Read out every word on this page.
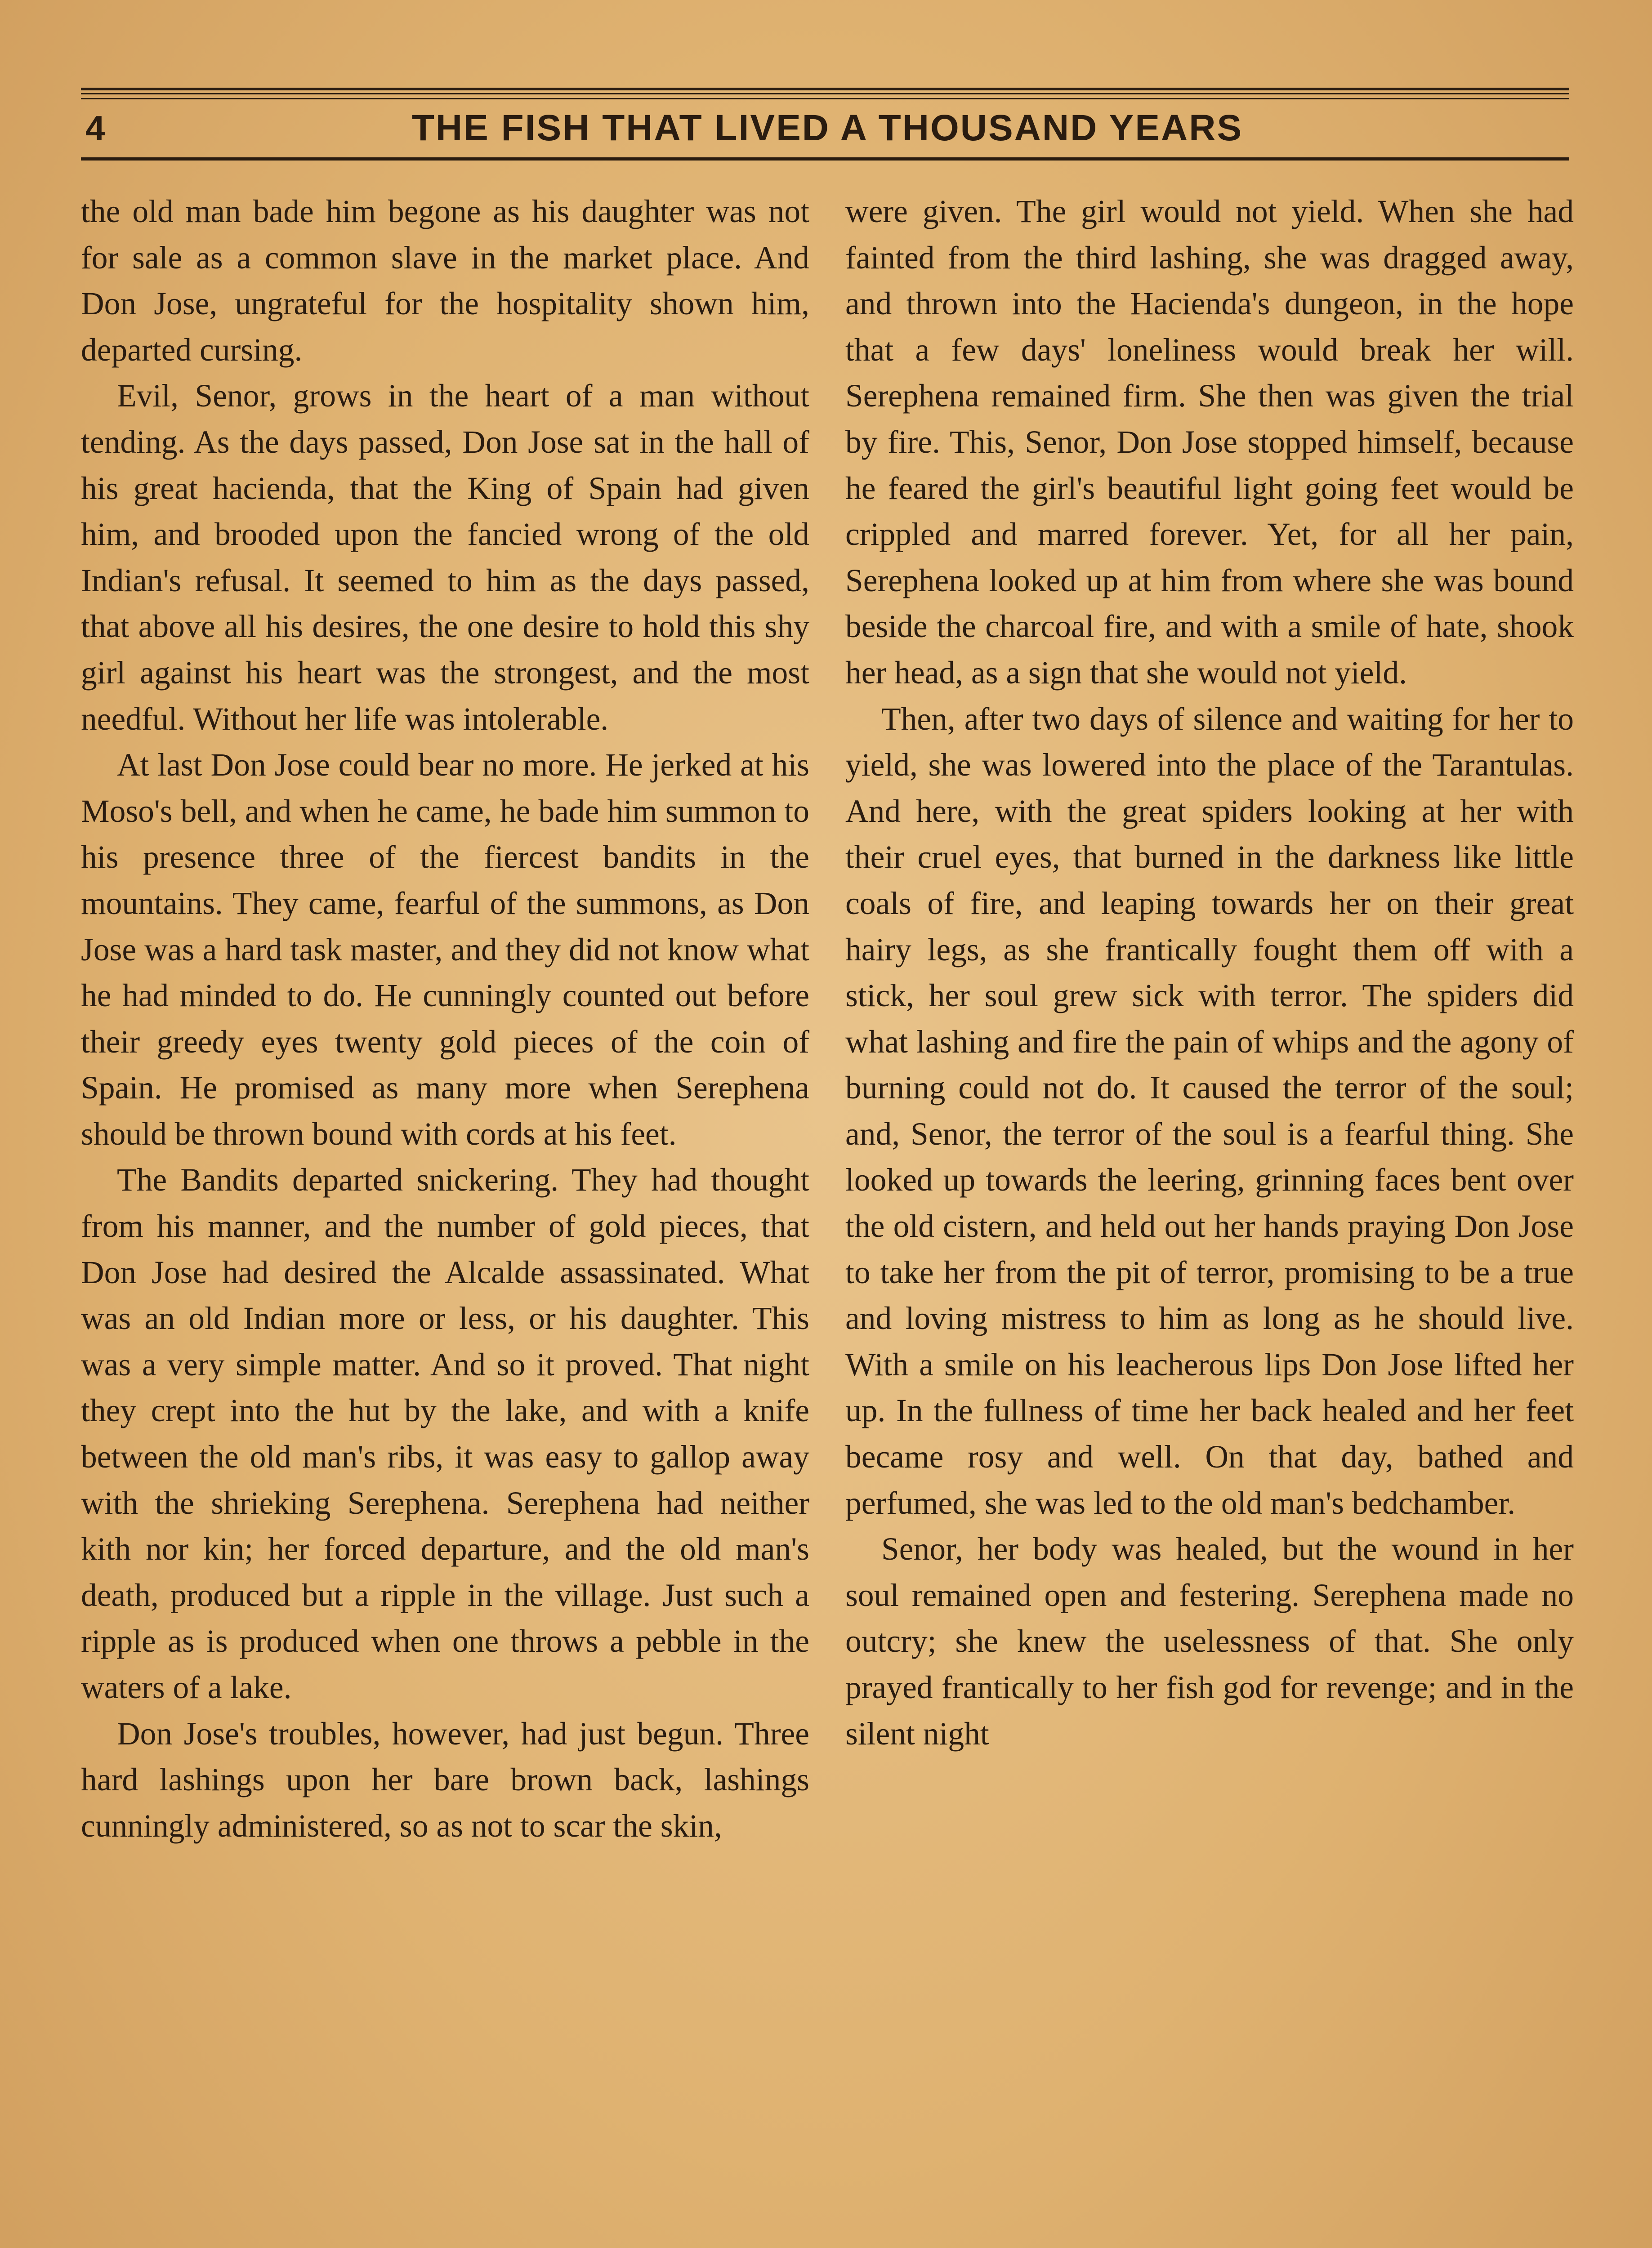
4	THE FISH THAT LIVED A THOUSAND YEARS

the old man bade him begone as his daughter was not for sale as a common slave in the market place. And Don Jose, ungrateful for the hospitality shown him, departed cursing.

Evil, Senor, grows in the heart of a man without tending. As the days passed, Don Jose sat in the hall of his great hacienda, that the King of Spain had given him, and brooded upon the fancied wrong of the old Indian's refusal. It seemed to him as the days passed, that above all his desires, the one desire to hold this shy girl against his heart was the strongest, and the most needful. Without her life was intolerable.

At last Don Jose could bear no more. He jerked at his Moso's bell, and when he came, he bade him summon to his presence three of the fiercest bandits in the mountains. They came, fearful of the summons, as Don Jose was a hard task master, and they did not know what he had minded to do. He cunningly counted out before their greedy eyes twenty gold pieces of the coin of Spain. He promised as many more when Serephena should be thrown bound with cords at his feet.

The Bandits departed snickering. They had thought from his manner, and the number of gold pieces, that Don Jose had desired the Alcalde assassinated. What was an old Indian more or less, or his daughter. This was a very simple matter. And so it proved. That night they crept into the hut by the lake, and with a knife between the old man's ribs, it was easy to gallop away with the shrieking Serephena. Serephena had neither kith nor kin; her forced departure, and the old man's death, produced but a ripple in the village. Just such a ripple as is produced when one throws a pebble in the waters of a lake.

Don Jose's troubles, however, had just begun. Three hard lashings upon her bare brown back, lashings cunningly administered, so as not to scar the skin,

were given. The girl would not yield. When she had fainted from the third lashing, she was dragged away, and thrown into the Hacienda's dungeon, in the hope that a few days' loneliness would break her will. Serephena remained firm. She then was given the trial by fire. This, Senor, Don Jose stopped himself, because he feared the girl's beautiful light going feet would be crippled and marred forever. Yet, for all her pain, Serephena looked up at him from where she was bound beside the charcoal fire, and with a smile of hate, shook her head, as a sign that she would not yield.

Then, after two days of silence and waiting for her to yield, she was lowered into the place of the Tarantulas. And here, with the great spiders looking at her with their cruel eyes, that burned in the darkness like little coals of fire, and leaping towards her on their great hairy legs, as she frantically fought them off with a stick, her soul grew sick with terror. The spiders did what lashing and fire the pain of whips and the agony of burning could not do. It caused the terror of the soul; and, Senor, the terror of the soul is a fearful thing. She looked up towards the leering, grinning faces bent over the old cistern, and held out her hands praying Don Jose to take her from the pit of terror, promising to be a true and loving mistress to him as long as he should live. With a smile on his leacherous lips Don Jose lifted her up. In the fullness of time her back healed and her feet became rosy and well. On that day, bathed and perfumed, she was led to the old man's bedchamber.

Senor, her body was healed, but the wound in her soul remained open and festering. Serephena made no outcry; she knew the uselessness of that. She only prayed frantically to her fish god for revenge; and in the silent night
